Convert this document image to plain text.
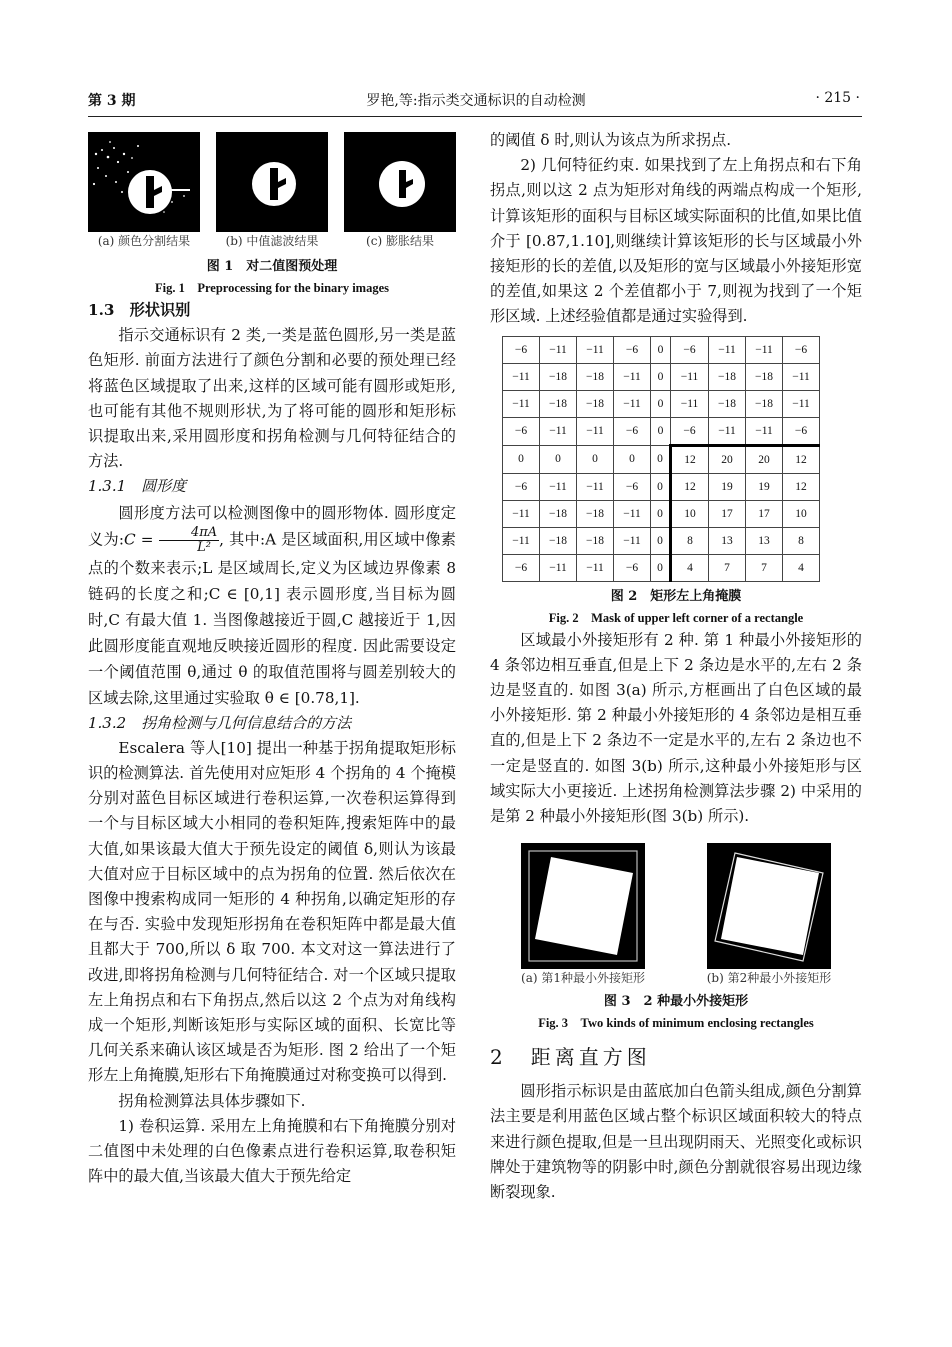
第 3 期	罗艳,等:指示类交通标识的自动检测	· 215 ·
(a) 颜色分割结果	(b) 中值滤波结果	(c) 膨胀结果
图 1　对二值图预处理
Fig. 1　Preprocessing for the binary images
1.3　形状识别

指示交通标识有 2 类,一类是蓝色圆形,另一类是蓝色矩形. 前面方法进行了颜色分割和必要的预处理已经将蓝色区域提取了出来,这样的区域可能有圆形或矩形,也可能有其他不规则形状,为了将可能的圆形和矩形标识提取出来,采用圆形度和拐角检测与几何特征结合的方法.

1.3.1　圆形度

圆形度方法可以检测图像中的圆形物体. 圆形度定义为:C = $\frac{4\pi A}{\text{L²}}$ , 其中:A 是区域面积,用区域中像素点的个数来表示;L 是区域周长,定义为区域边界像素 8 链码的长度之和;C ∈ [0,1] 表示圆形度,当目标为圆时,C 有最大值 1. 当图像越接近于圆,C 越接近于 1,因此圆形度能直观地反映接近圆形的程度. 因此需要设定一个阈值范围 θ,通过 θ 的取值范围将与圆差别较大的区域去除,这里通过实验取 θ ∈ [0.78,1].

1.3.2　拐角检测与几何信息结合的方法

Escalera 等人[10] 提出一种基于拐角提取矩形标识的检测算法. 首先使用对应矩形 4 个拐角的 4 个掩模分别对蓝色目标区域进行卷积运算,一次卷积运算得到一个与目标区域大小相同的卷积矩阵,搜索矩阵中的最大值,如果该最大值大于预先设定的阈值 δ,则认为该最大值对应于目标区域中的点为拐角的位置. 然后依次在图像中搜索构成同一矩形的 4 种拐角,以确定矩形的存在与否. 实验中发现矩形拐角在卷积矩阵中都是最大值且都大于 700,所以 δ 取 700. 本文对这一算法进行了改进,即将拐角检测与几何特征结合. 对一个区域只提取左上角拐点和右下角拐点,然后以这 2 个点为对角线构成一个矩形,判断该矩形与实际区域的面积、长宽比等几何关系来确认该区域是否为矩形. 图 2 给出了一个矩形左上角掩膜,矩形右下角掩膜通过对称变换可以得到.

拐角检测算法具体步骤如下.

1) 卷积运算. 采用左上角掩膜和右下角掩膜分别对二值图中未处理的白色像素点进行卷积运算,取卷积矩阵中的最大值,当该最大值大于预先给定

的阈值 δ 时,则认为该点为所求拐点.

2) 几何特征约束. 如果找到了左上角拐点和右下角拐点,则以这 2 点为矩形对角线的两端点构成一个矩形,计算该矩形的面积与目标区域实际面积的比值,如果比值介于 [0.87,1.10],则继续计算该矩形的长与区域最小外接矩形的长的差值,以及矩形的宽与区域最小外接矩形宽的差值,如果这 2 个差值都小于 7,则视为找到了一个矩形区域. 上述经验值都是通过实验得到.

−6	−11	−11	−6	0	−6	−11	−11	−6
−11	−18	−18	−11	0	−11	−18	−18	−11
−11	−18	−18	−11	0	−11	−18	−18	−11
−6	−11	−11	−6	0	−6	−11	−11	−6
0	0	0	0	0	12	20	20	12
−6	−11	−11	−6	0	12	19	19	12
−11	−18	−18	−11	0	10	17	17	10
−11	−18	−18	−11	0	8	13	13	8
−6	−11	−11	−6	0	4	7	7	4
图 2　矩形左上角掩膜
Fig. 2　Mask of upper left corner of a rectangle

区域最小外接矩形有 2 种. 第 1 种最小外接矩形的 4 条邻边相互垂直,但是上下 2 条边是水平的,左右 2 条边是竖直的. 如图 3(a) 所示,方框画出了白色区域的最小外接矩形. 第 2 种最小外接矩形的 4 条邻边是相互垂直的,但是上下 2 条边不一定是水平的,左右 2 条边也不一定是竖直的. 如图 3(b) 所示,这种最小外接矩形与区域实际大小更接近. 上述拐角检测算法步骤 2) 中采用的是第 2 种最小外接矩形(图 3(b) 所示).

(a) 第1种最小外接矩形	(b) 第2种最小外接矩形
图 3　2 种最小外接矩形
Fig. 3　Two kinds of minimum enclosing rectangles
2　距离直方图

圆形指示标识是由蓝底加白色箭头组成,颜色分割算法主要是利用蓝色区域占整个标识区域面积较大的特点来进行颜色提取,但是一旦出现阴雨天、光照变化或标识牌处于建筑物等的阴影中时,颜色分割就很容易出现边缘断裂现象.
